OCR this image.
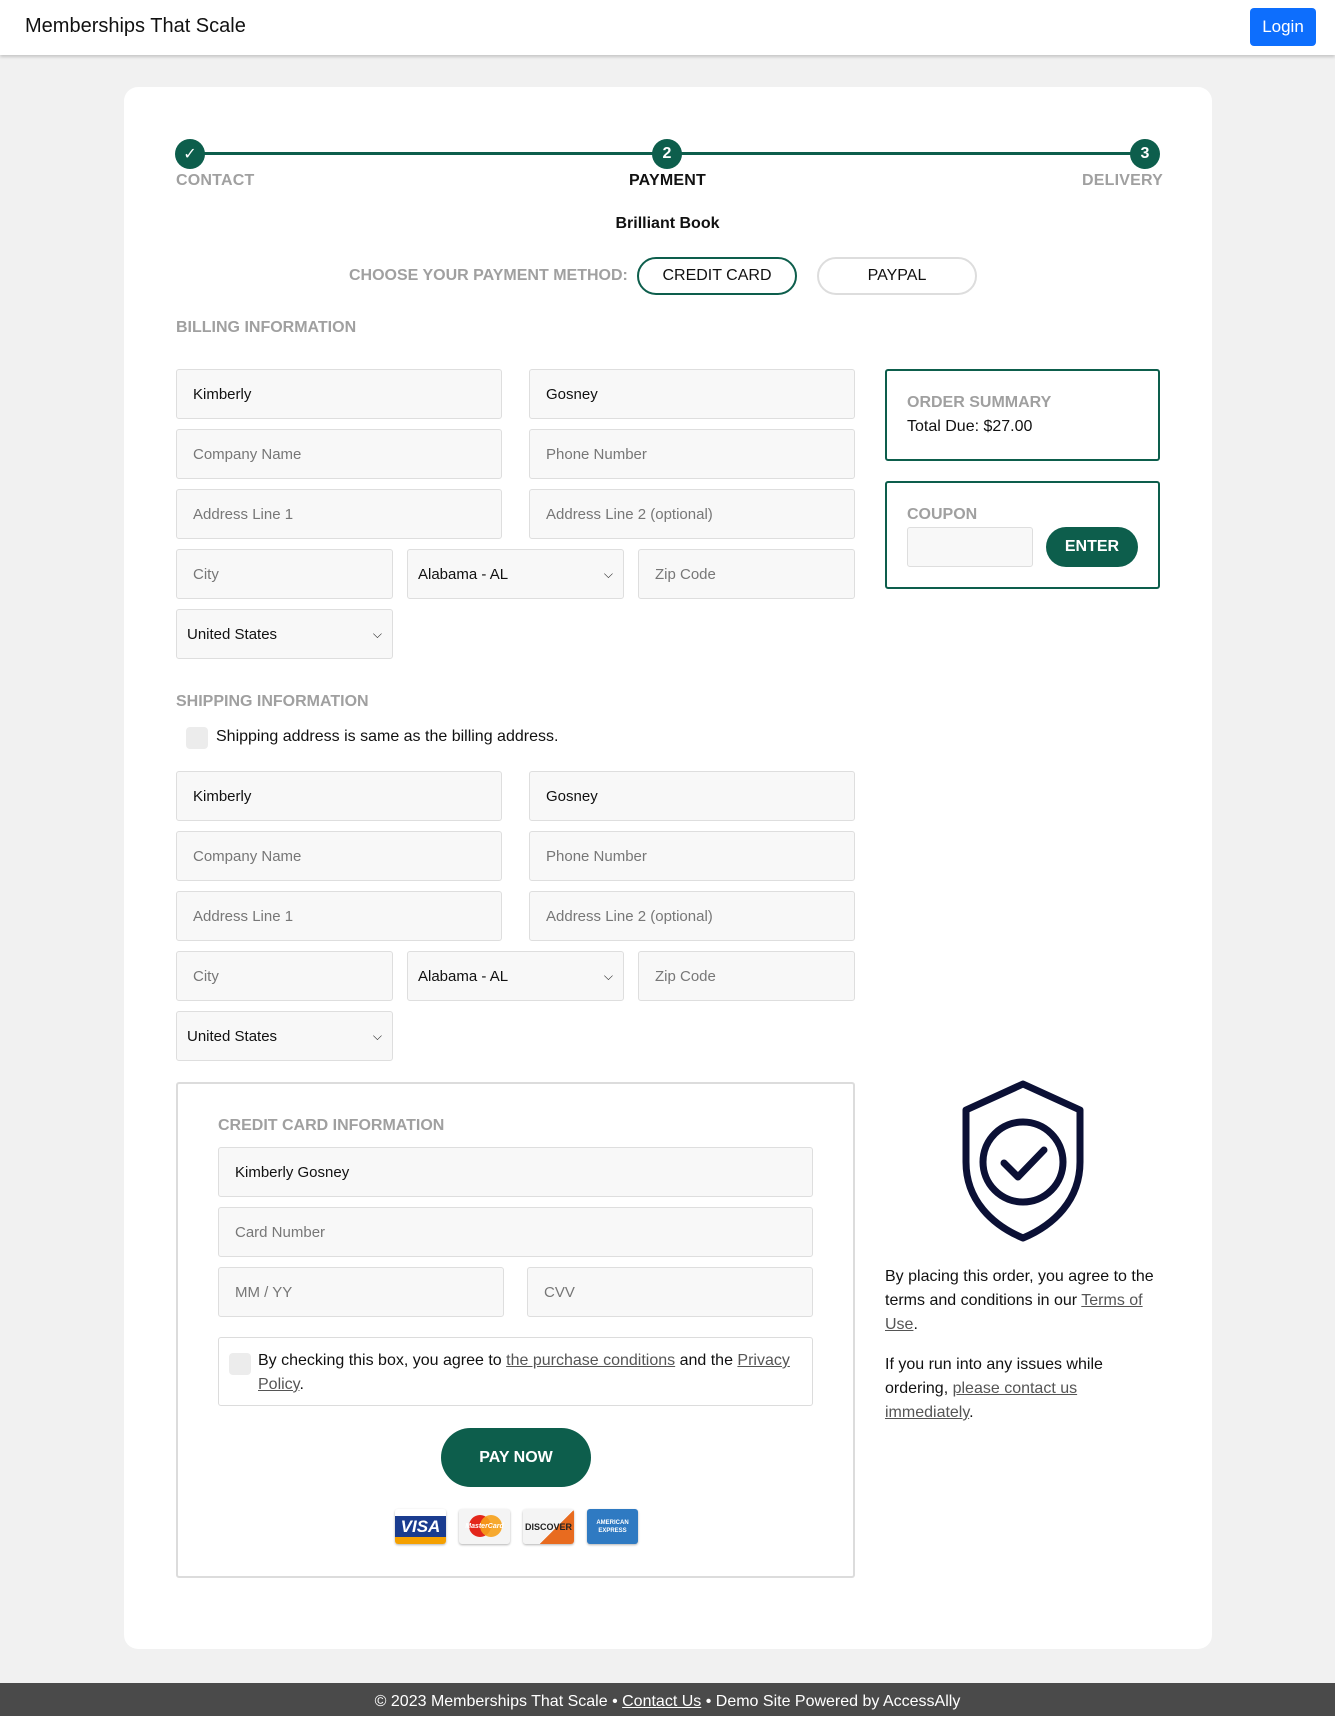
Memberships That Scale	Login
✓	2	3
CONTACT	PAYMENT	DELIVERY
Brilliant Book
CHOOSE YOUR PAYMENT METHOD:	CREDIT CARD	PAYPAL
BILLING INFORMATION
Kimberly
Gosney
Company Name
Phone Number
Address Line 1
Address Line 2 (optional)
City
Alabama - AL	⌵
Zip Code
United States	⌵
ORDER SUMMARY
Total Due: $27.00
COUPON
ENTER
SHIPPING INFORMATION
Shipping address is same as the billing address.
Kimberly
Gosney
Company Name
Phone Number
Address Line 1
Address Line 2 (optional)
City
Alabama - AL	⌵
Zip Code
United States	⌵
CREDIT CARD INFORMATION
Kimberly Gosney
Card Number
MM / YY
CVV
By checking this box, you agree to the purchase conditions and the Privacy Policy.
PAY NOW
VISA	MasterCard DISCOVER	AMERICAN EXPRESS
By placing this order, you agree to the terms and conditions in our Terms of Use.
If you run into any issues while ordering, please contact us immediately.
© 2023 Memberships That Scale • Contact Us • Demo Site Powered by AccessAlly
